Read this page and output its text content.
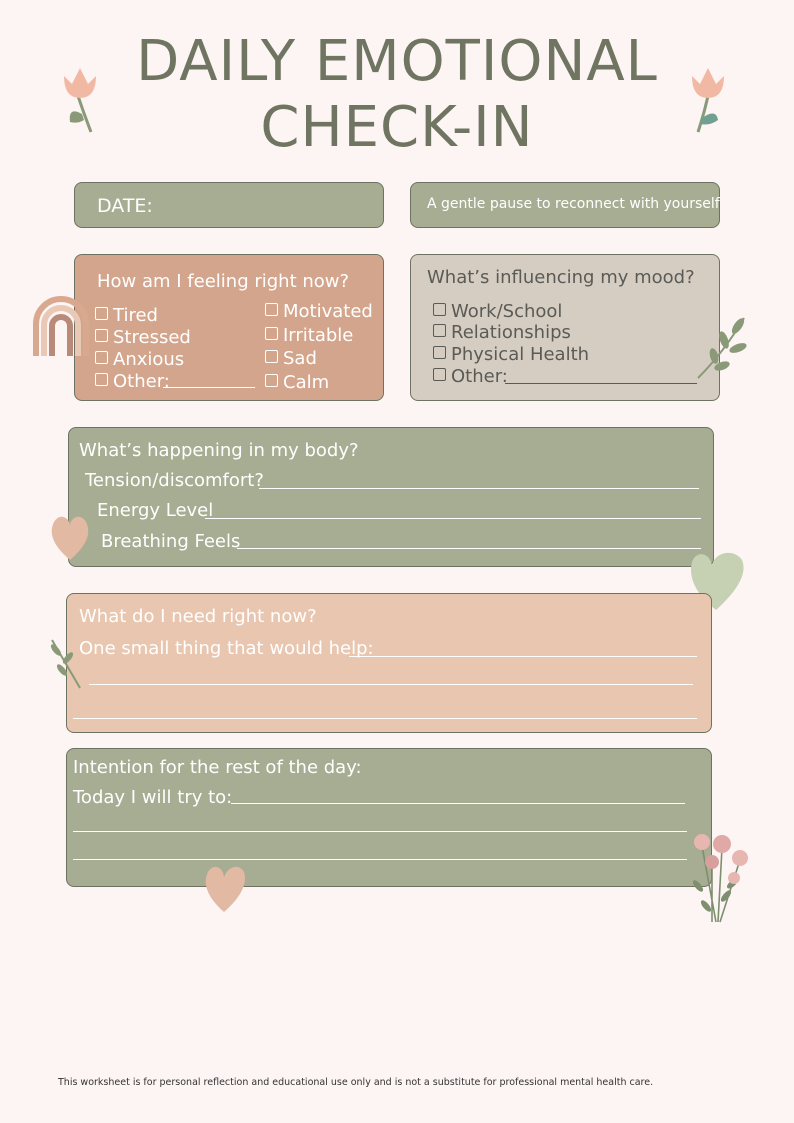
DAILY EMOTIONAL
CHECK-IN
DATE:	A gentle pause to reconnect with yourself
How am I feeling right now?
Tired
Stressed
Anxious
Other:
Motivated
Irritable
Sad
Calm
What’s influencing my mood?
Work/School
Relationships
Physical Health
Other:
What’s happening in my body?
Tension/discomfort?
Energy Level
Breathing Feels
What do I need right now?
One small thing that would help:
Intention for the rest of the day:
Today I will try to:
This worksheet is for personal reflection and educational use only and is not a substitute for professional mental health care.
